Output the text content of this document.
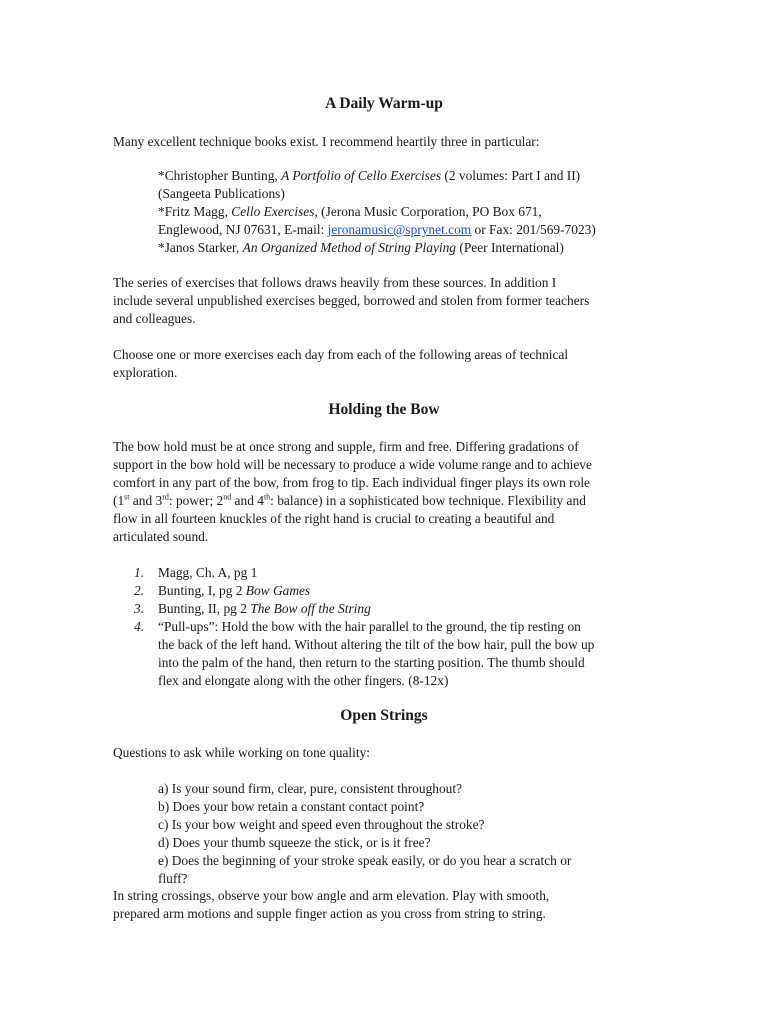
A Daily Warm-up

Many excellent technique books exist. I recommend heartily three in particular:

*Christopher Bunting, A Portfolio of Cello Exercises (2 volumes: Part I and II)
(Sangeeta Publications)
*Fritz Magg, Cello Exercises, (Jerona Music Corporation, PO Box 671,
Englewood, NJ 07631, E-mail: jeronamusic@sprynet.com or Fax: 201/569-7023)
*Janos Starker, An Organized Method of String Playing (Peer International)
The series of exercises that follows draws heavily from these sources. In addition I
include several unpublished exercises begged, borrowed and stolen from former teachers
and colleagues.
Choose one or more exercises each day from each of the following areas of technical
exploration.
Holding the Bow
The bow hold must be at once strong and supple, firm and free. Differing gradations of
support in the bow hold will be necessary to produce a wide volume range and to achieve
comfort in any part of the bow, from frog to tip. Each individual finger plays its own role
(1st and 3rd: power; 2nd and 4th: balance) in a sophisticated bow technique. Flexibility and
flow in all fourteen knuckles of the right hand is crucial to creating a beautiful and
articulated sound.
1.	Magg, Ch. A, pg 1
2.	Bunting, I, pg 2 Bow Games
3.	Bunting, II, pg 2 The Bow off the String
4.	“Pull-ups”: Hold the bow with the hair parallel to the ground, the tip resting on
the back of the left hand. Without altering the tilt of the bow hair, pull the bow up
into the palm of the hand, then return to the starting position. The thumb should
flex and elongate along with the other fingers. (8-12x)
Open Strings

Questions to ask while working on tone quality:

a) Is your sound firm, clear, pure, consistent throughout?
b) Does your bow retain a constant contact point?
c) Is your bow weight and speed even throughout the stroke?
d) Does your thumb squeeze the stick, or is it free?
e) Does the beginning of your stroke speak easily, or do you hear a scratch or
fluff?
In string crossings, observe your bow angle and arm elevation. Play with smooth,
prepared arm motions and supple finger action as you cross from string to string.
